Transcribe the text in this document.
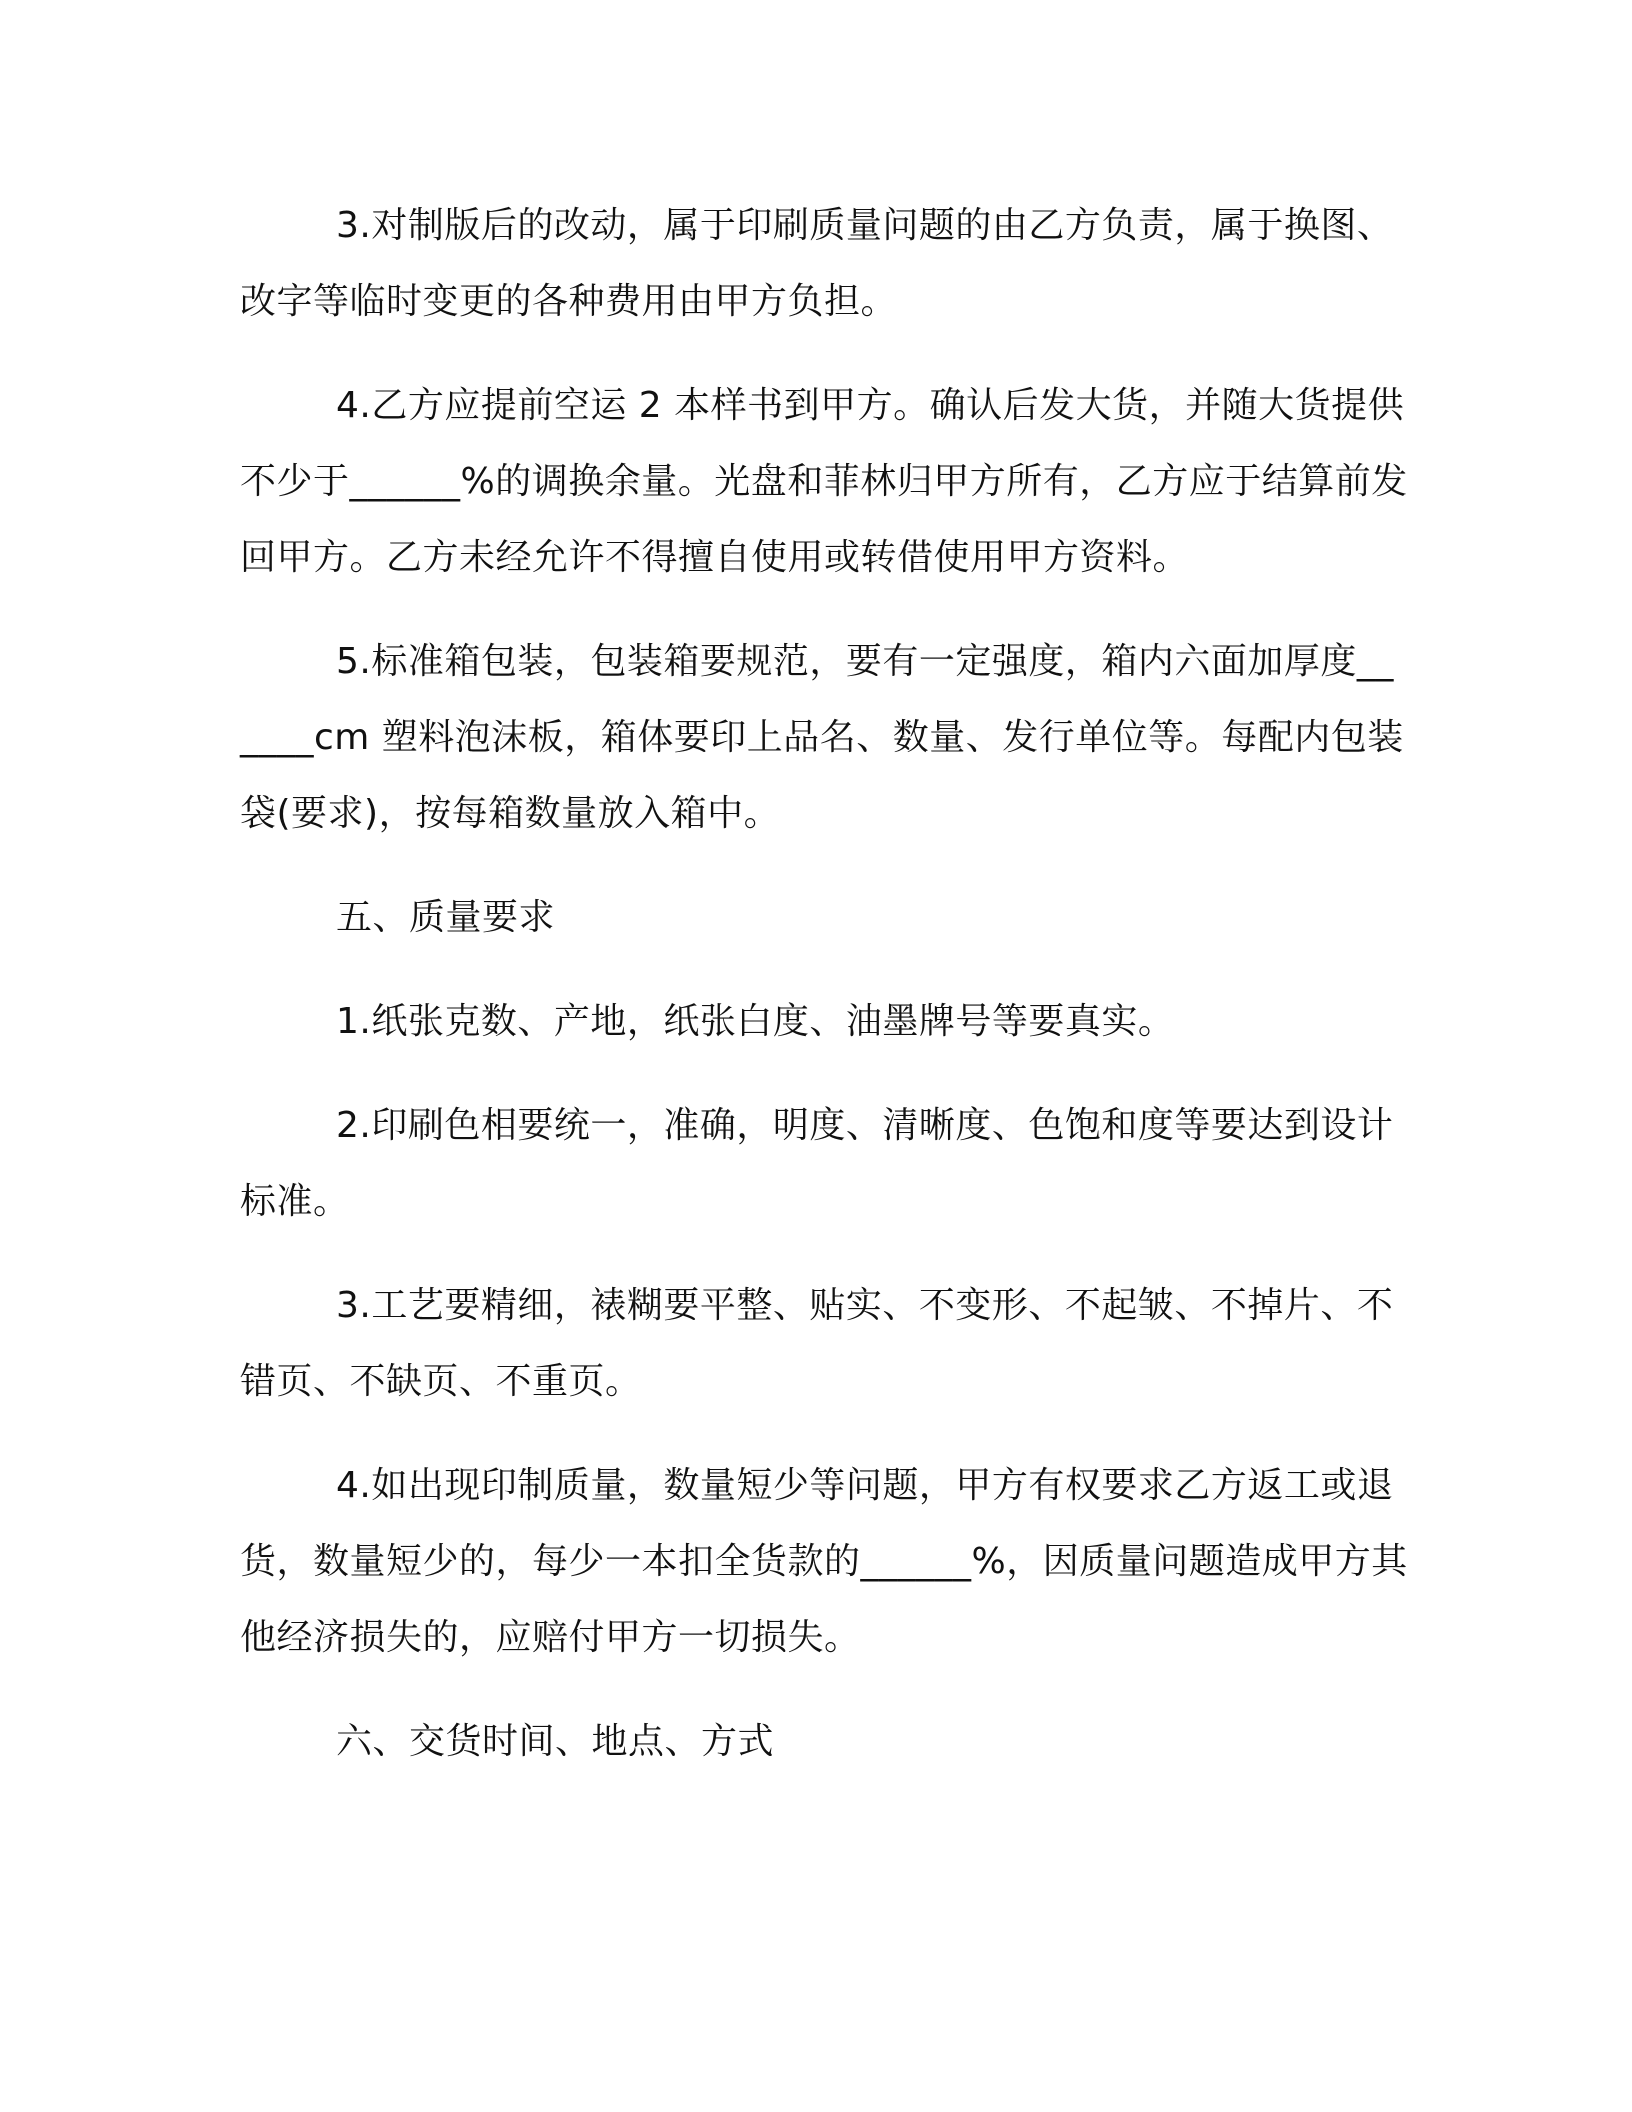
3.对制版后的改动，属于印刷质量问题的由乙方负责，属于换图、改字等临时变更的各种费用由甲方负担。

4.乙方应提前空运 2 本样书到甲方。确认后发大货，并随大货提供不少于______%的调换余量。光盘和菲林归甲方所有，乙方应于结算前发回甲方。乙方未经允许不得擅自使用或转借使用甲方资料。

5.标准箱包装，包装箱要规范，要有一定强度，箱内六面加厚度______cm 塑料泡沫板，箱体要印上品名、数量、发行单位等。每配内包装袋(要求)，按每箱数量放入箱中。

五、质量要求

1.纸张克数、产地，纸张白度、油墨牌号等要真实。

2.印刷色相要统一，准确，明度、清晰度、色饱和度等要达到设计标准。

3.工艺要精细，裱糊要平整、贴实、不变形、不起皱、不掉片、不错页、不缺页、不重页。

4.如出现印制质量，数量短少等问题，甲方有权要求乙方返工或退货，数量短少的，每少一本扣全货款的______%，因质量问题造成甲方其他经济损失的，应赔付甲方一切损失。

六、交货时间、地点、方式
